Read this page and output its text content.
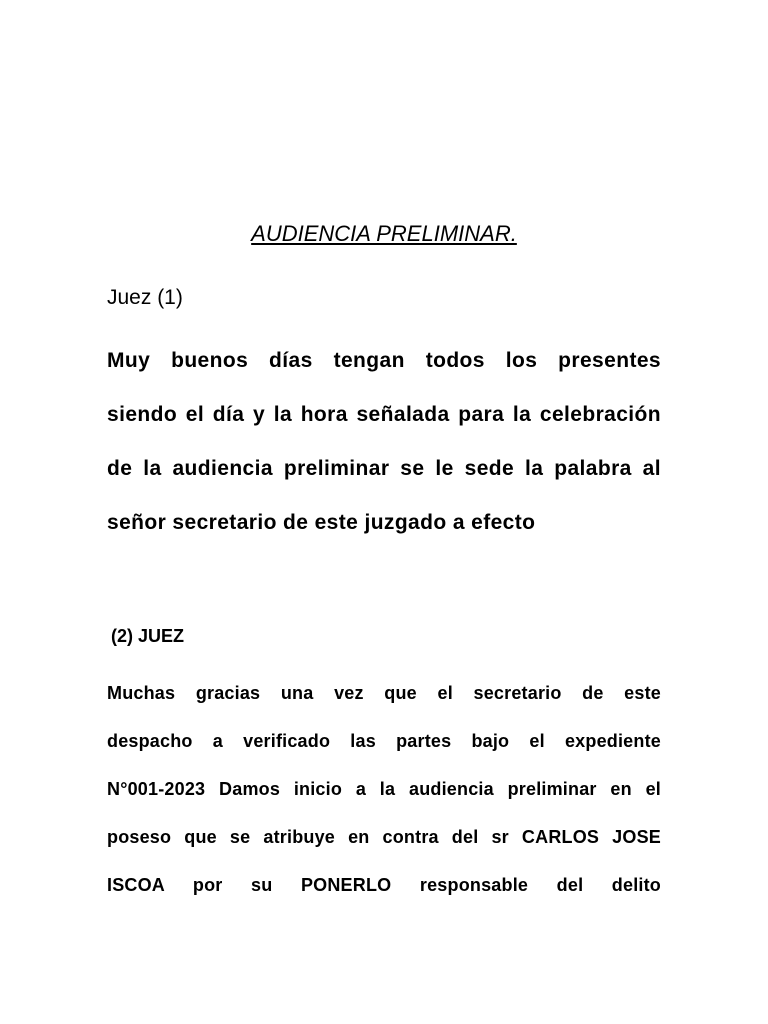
AUDIENCIA PRELIMINAR.
Juez (1)
Muy buenos días tengan todos los presentes
siendo el día y la hora señalada para la celebración
de la audiencia preliminar se le sede la palabra al
señor secretario de este juzgado a efecto
(2) JUEZ
Muchas gracias una vez que el secretario de este
despacho a verificado las partes bajo el expediente
N°001-2023 Damos inicio a la audiencia preliminar en el
poseso que se atribuye en contra del sr CARLOS JOSE
ISCOA por su PONERLO responsable del delito
